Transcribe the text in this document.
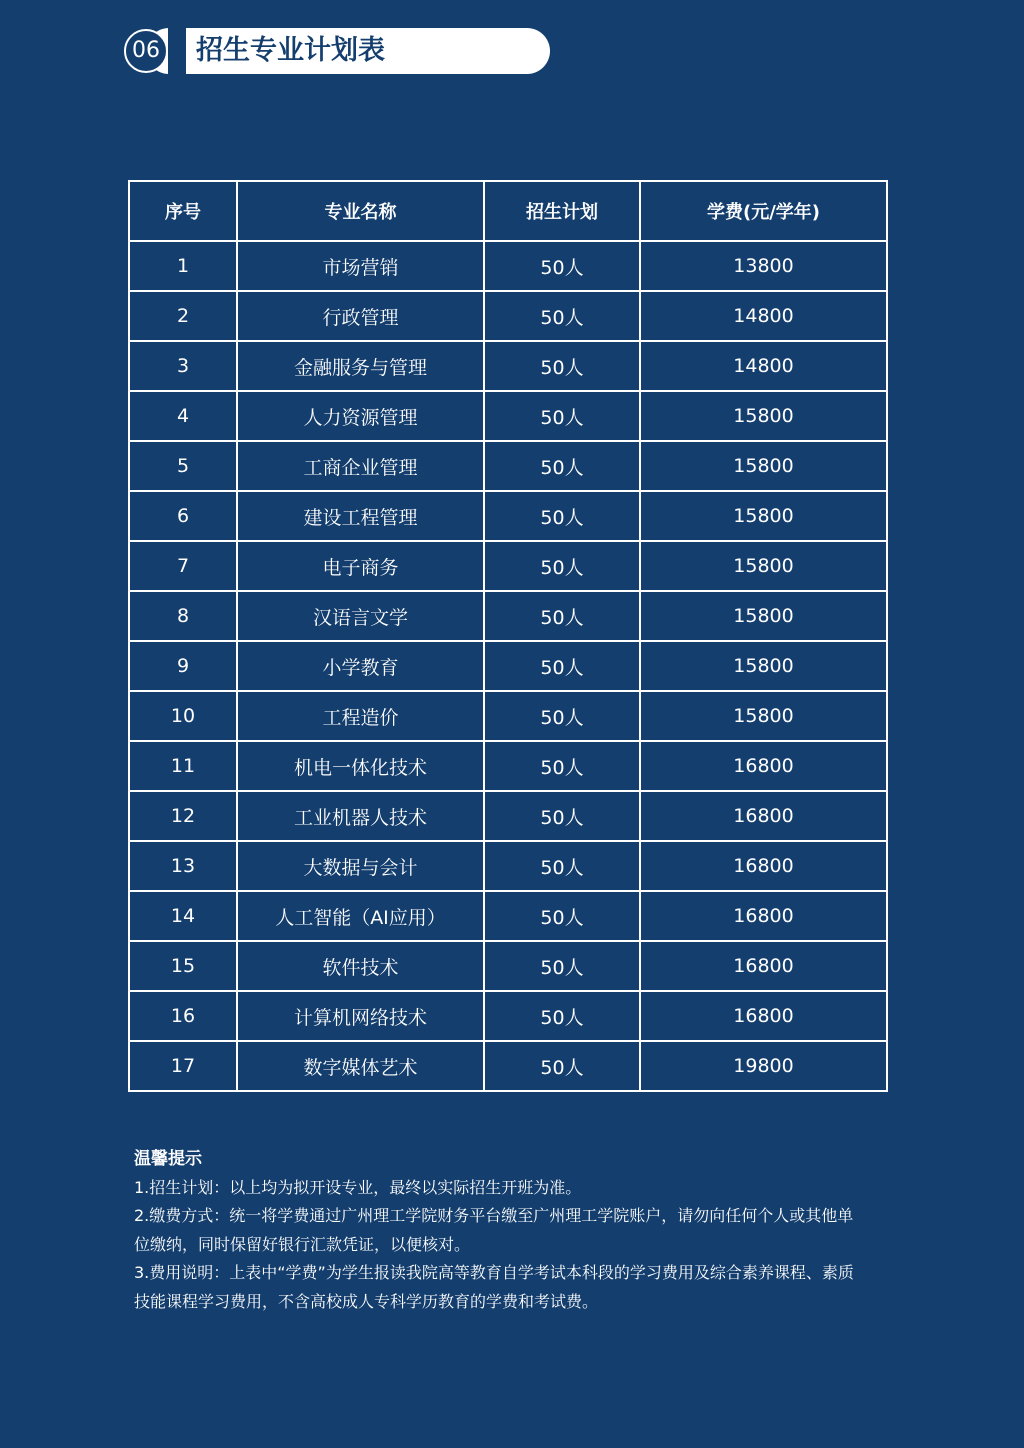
06 招生专业计划表
序号	专业名称	招生计划	学费(元/学年)
1	市场营销	50人	13800
2	行政管理	50人	14800
3	金融服务与管理	50人	14800
4	人力资源管理	50人	15800
5	工商企业管理	50人	15800
6	建设工程管理	50人	15800
7	电子商务	50人	15800
8	汉语言文学	50人	15800
9	小学教育	50人	15800
10	工程造价	50人	15800
11	机电一体化技术	50人	16800
12	工业机器人技术	50人	16800
13	大数据与会计	50人	16800
14	人工智能（AI应用）	50人	16800
15	软件技术	50人	16800
16	计算机网络技术	50人	16800
17	数字媒体艺术	50人	19800
温馨提示

1.招生计划：以上均为拟开设专业，最终以实际招生开班为准。

2.缴费方式：统一将学费通过广州理工学院财务平台缴至广州理工学院账户，请勿向任何个人或其他单位缴纳，同时保留好银行汇款凭证，以便核对。

3.费用说明：上表中“学费”为学生报读我院高等教育自学考试本科段的学习费用及综合素养课程、素质技能课程学习费用，不含高校成人专科学历教育的学费和考试费。
